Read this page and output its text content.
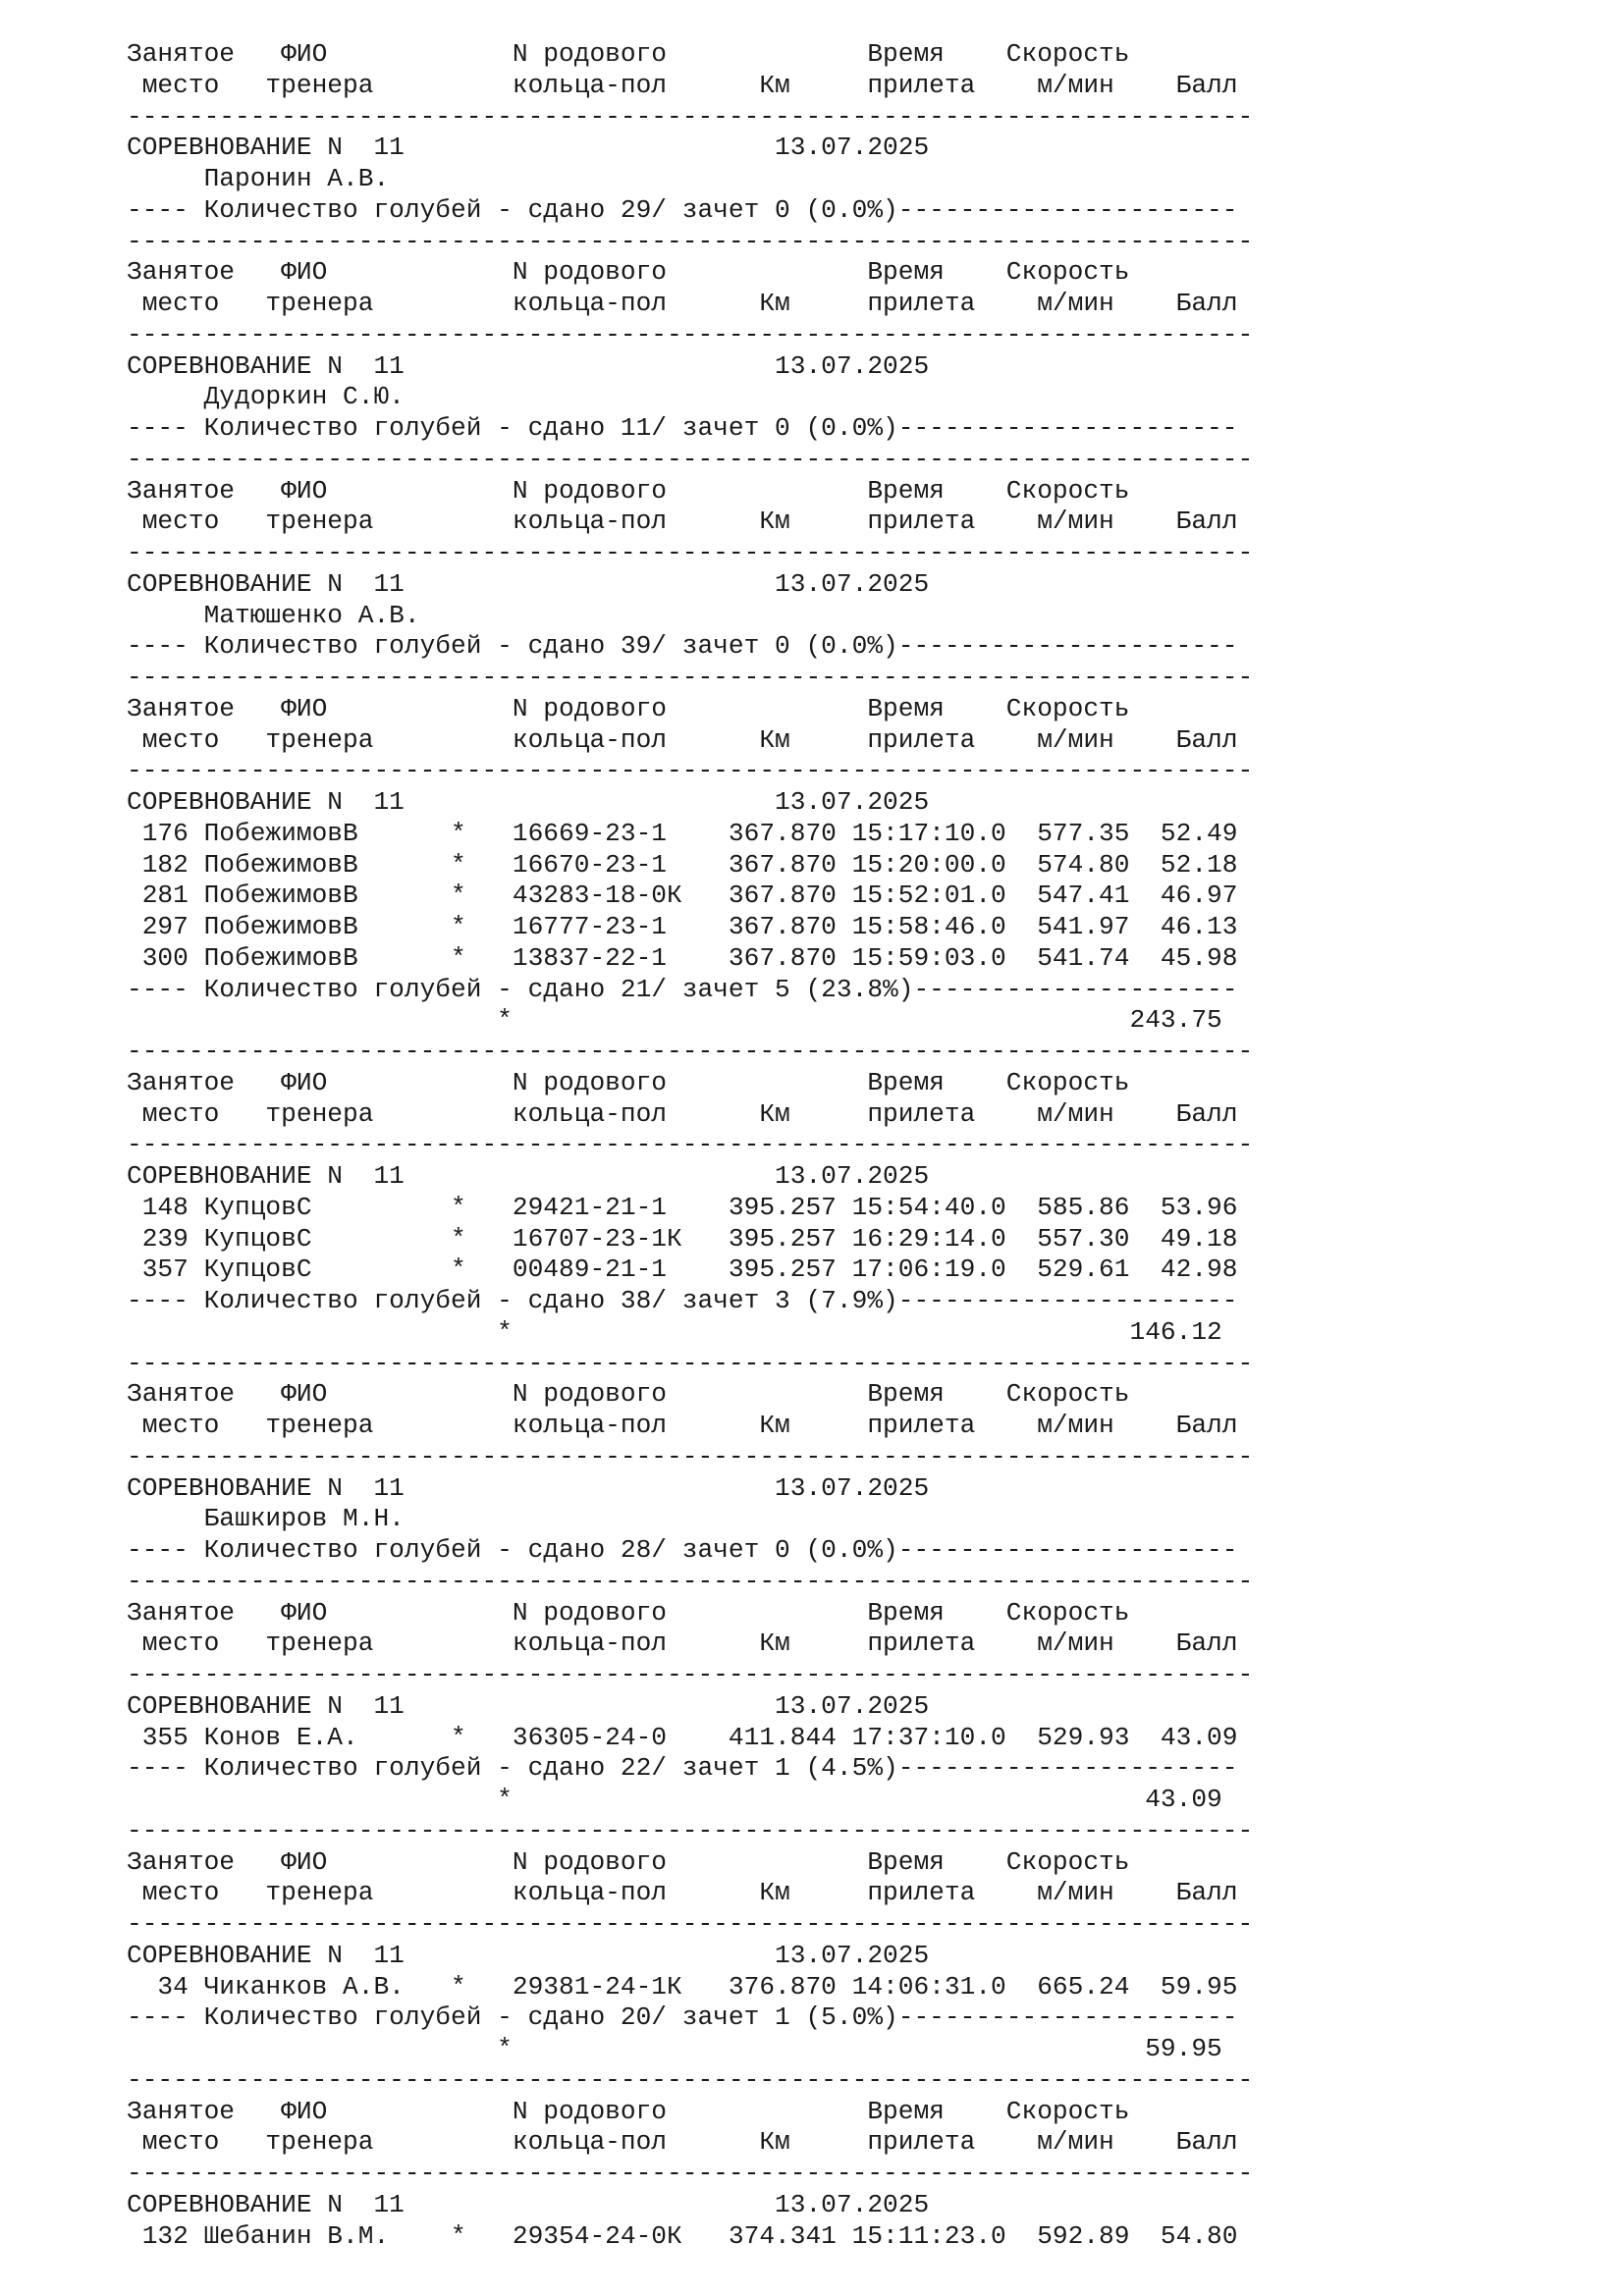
Занятое   ФИО            N родового             Время    Скорость
место   тренера         кольца-пол      Км     прилета    м/мин    Балл
-------------------------------------------------------------------------
СОРЕВНОВАНИЕ N  11                        13.07.2025
Паронин А.В.
---- Количество голубей - сдано 29/ зачет 0 (0.0%)----------------------
-------------------------------------------------------------------------
Занятое   ФИО            N родового             Время    Скорость
место   тренера         кольца-пол      Км     прилета    м/мин    Балл
-------------------------------------------------------------------------
СОРЕВНОВАНИЕ N  11                        13.07.2025
Дудоркин С.Ю.
---- Количество голубей - сдано 11/ зачет 0 (0.0%)----------------------
-------------------------------------------------------------------------
Занятое   ФИО            N родового             Время    Скорость
место   тренера         кольца-пол      Км     прилета    м/мин    Балл
-------------------------------------------------------------------------
СОРЕВНОВАНИЕ N  11                        13.07.2025
Матюшенко А.В.
---- Количество голубей - сдано 39/ зачет 0 (0.0%)----------------------
-------------------------------------------------------------------------
Занятое   ФИО            N родового             Время    Скорость
место   тренера         кольца-пол      Км     прилета    м/мин    Балл
-------------------------------------------------------------------------
СОРЕВНОВАНИЕ N  11                        13.07.2025
176 ПобежимовВ      *   16669-23-1    367.870 15:17:10.0  577.35  52.49
182 ПобежимовВ      *   16670-23-1    367.870 15:20:00.0  574.80  52.18
281 ПобежимовВ      *   43283-18-0К   367.870 15:52:01.0  547.41  46.97
297 ПобежимовВ      *   16777-23-1    367.870 15:58:46.0  541.97  46.13
300 ПобежимовВ      *   13837-22-1    367.870 15:59:03.0  541.74  45.98
---- Количество голубей - сдано 21/ зачет 5 (23.8%)---------------------
*                                        243.75
-------------------------------------------------------------------------
Занятое   ФИО            N родового             Время    Скорость
место   тренера         кольца-пол      Км     прилета    м/мин    Балл
-------------------------------------------------------------------------
СОРЕВНОВАНИЕ N  11                        13.07.2025
148 КупцовС         *   29421-21-1    395.257 15:54:40.0  585.86  53.96
239 КупцовС         *   16707-23-1К   395.257 16:29:14.0  557.30  49.18
357 КупцовС         *   00489-21-1    395.257 17:06:19.0  529.61  42.98
---- Количество голубей - сдано 38/ зачет 3 (7.9%)----------------------
*                                        146.12
-------------------------------------------------------------------------
Занятое   ФИО            N родового             Время    Скорость
место   тренера         кольца-пол      Км     прилета    м/мин    Балл
-------------------------------------------------------------------------
СОРЕВНОВАНИЕ N  11                        13.07.2025
Башкиров М.Н.
---- Количество голубей - сдано 28/ зачет 0 (0.0%)----------------------
-------------------------------------------------------------------------
Занятое   ФИО            N родового             Время    Скорость
место   тренера         кольца-пол      Км     прилета    м/мин    Балл
-------------------------------------------------------------------------
СОРЕВНОВАНИЕ N  11                        13.07.2025
355 Конов Е.А.      *   36305-24-0    411.844 17:37:10.0  529.93  43.09
---- Количество голубей - сдано 22/ зачет 1 (4.5%)----------------------
*                                         43.09
-------------------------------------------------------------------------
Занятое   ФИО            N родового             Время    Скорость
место   тренера         кольца-пол      Км     прилета    м/мин    Балл
-------------------------------------------------------------------------
СОРЕВНОВАНИЕ N  11                        13.07.2025
34 Чиканков А.В.   *   29381-24-1К   376.870 14:06:31.0  665.24  59.95
---- Количество голубей - сдано 20/ зачет 1 (5.0%)----------------------
*                                         59.95
-------------------------------------------------------------------------
Занятое   ФИО            N родового             Время    Скорость
место   тренера         кольца-пол      Км     прилета    м/мин    Балл
-------------------------------------------------------------------------
СОРЕВНОВАНИЕ N  11                        13.07.2025
132 Шебанин В.М.    *   29354-24-0К   374.341 15:11:23.0  592.89  54.80
